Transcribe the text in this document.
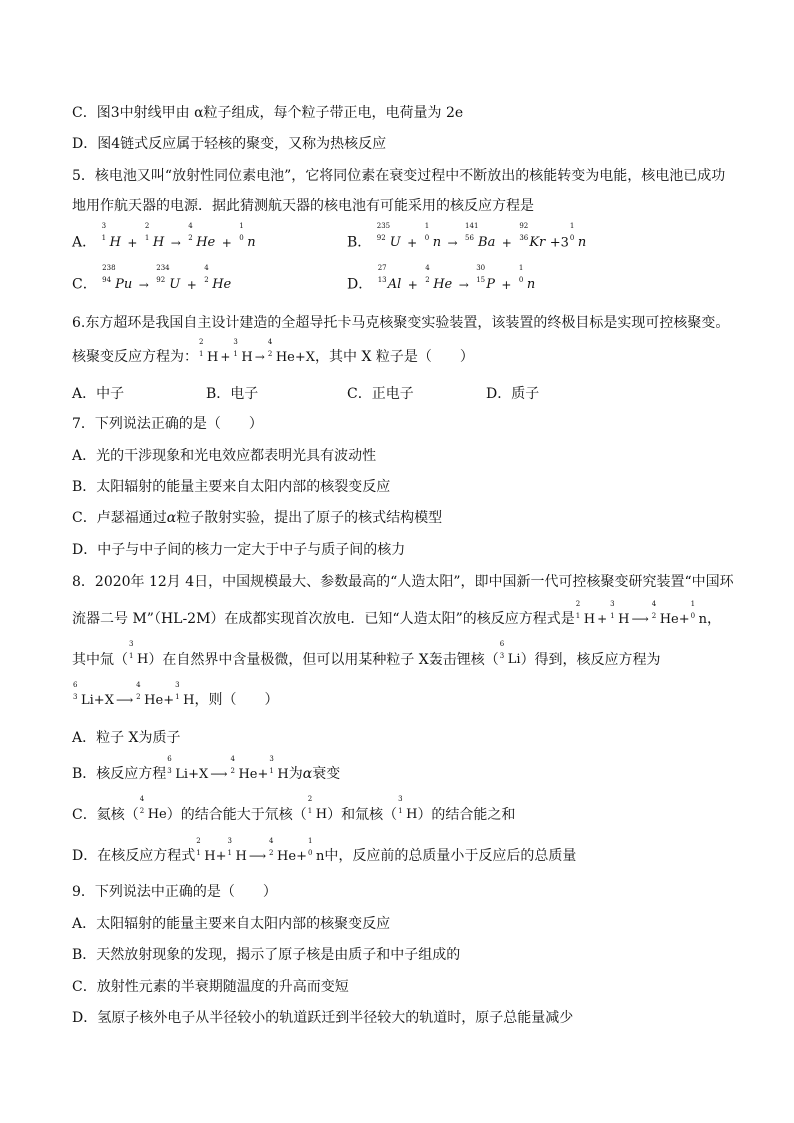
C．图3中射线甲由 α粒子组成，每个粒子带正电，电荷量为 2e
D．图4链式反应属于轻核的聚变，又称为热核反应
5．核电池又叫“放射性同位素电池”，它将同位素在衰变过程中不断放出的核能转变为电能，核电池已成功
地用作航天器的电源．据此猜测航天器的核电池有可能采用的核反应方程是
A．
3
1 H +
2
1 H →
4
2 He +
1
0 n	B．
235
92 U +
1
0 n →
141
56 Ba +
92
36 Kr +3
1
0 n
C．
238
94 Pu →
234
92 U +
4
2 He	D．
27
13 Al +
4
2 He →
30
15 P +
1
0 n
6.东方超环是我国自主设计建造的全超导托卡马克核聚变实验装置，该装置的终极目标是实现可控核聚变。
核聚变反应方程为：
2
1 H +
3
1 H →
4
2 He+X，其中 X 粒子是（　　）
A．中子	B．电子	C．正电子	D．质子
7．下列说法正确的是（　　）
A．光的干涉现象和光电效应都表明光具有波动性
B．太阳辐射的能量主要来自太阳内部的核裂变反应
C．卢瑟福通过α粒子散射实验，提出了原子的核式结构模型
D．中子与中子间的核力一定大于中子与质子间的核力
8．2020年 12月 4日，中国规模最大、参数最高的“人造太阳”，即中国新一代可控核聚变研究装置“中国环
流器二号 M”（HL-2M）在成都实现首次放电．已知“人造太阳”的核反应方程式是
2
1 H +
3
1 H ⟶
4
2 He+
1
0 n，
其中氚（
3
1 H）在自然界中含量极微，但可以用某种粒子 X轰击锂核（
6
3 Li）得到，核反应方程为
6
3 Li+X ⟶
4
2 He+
3
1 H，则（　　）
A．粒子 X为质子
B．核反应方程
6
3 Li+X ⟶
4
2 He+
3
1 H为α衰变
C．氦核（
4
2 He）的结合能大于氘核（
2
1 H）和氚核（
3
1 H）的结合能之和
D．在核反应方程式
2
1 H+
3
1 H ⟶
4
2 He+
1
0 n中，反应前的总质量小于反应后的总质量
9．下列说法中正确的是（　　）
A．太阳辐射的能量主要来自太阳内部的核聚变反应
B．天然放射现象的发现，揭示了原子核是由质子和中子组成的
C．放射性元素的半衰期随温度的升高而变短
D．氢原子核外电子从半径较小的轨道跃迁到半径较大的轨道时，原子总能量减少
